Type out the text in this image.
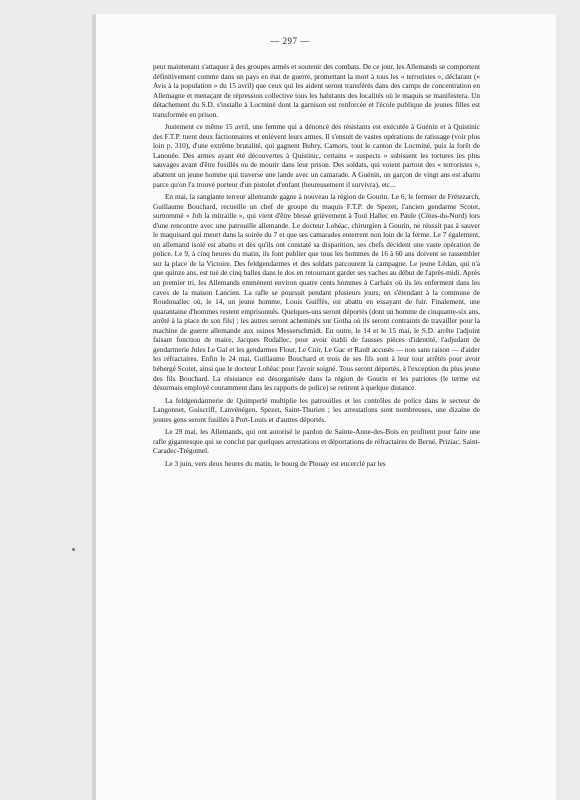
— 297 —

peut maintenant s'attaquer à des groupes armés et soutenir des combats. De ce jour, les Allemands se comportent définitivement comme dans un pays en état de guerre, promettant la mort à tous les « terroristes », déclarant (« Avis à la population » du 15 avril) que ceux qui les aident seront transférés dans des camps de concentration en Allemagne et menaçant de répression collective tous les habitants des localités où le maquis se manifestera. Un détachement du S.D. s'installe à Locminé dont la garnison est renforcée et l'école publique de jeunes filles est transformée en prison.

Justement ce même 15 avril, une femme qui a dénoncé des résistants est exécutée à Guénin et à Quistinic des F.T.P. tuent deux factionnaires et enlèvent leurs armes. Il s'ensuit de vastes opérations de ratissage (voir plus loin p. 310), d'une extrême brutalité, qui gagnent Bubry, Camors, tout le canton de Locminé, puis la forêt de Lanouée. Des armes ayant été découvertes à Quistinic, certains « suspects » subissent les tortures les plus sauvages avant d'être fusillés ou de mourir dans leur prison. Des soldats, qui voient partout des « terroristes », abattent un jeune homme qui traverse une lande avec un camarade. A Guénin, un garçon de vingt ans est abattu parce qu'on l'a trouvé porteur d'un pistolet d'enfant (heureusement il survivra), etc...

En mai, la sanglante terreur allemande gagne à nouveau la région de Gourin. Le 6, le fermier de Frétezarch, Guillaume Bouchard, recueille un chef de groupe du maquis F.T.P. de Spezet, l'ancien gendarme Scotet, surnommé « Job la mitraille », qui vient d'être blessé grièvement à Toul Hallec en Paule (Côtes-du-Nord) lors d'une rencontre avec une patrouille allemande. Le docteur Lohéac, chirurgien à Gourin, ne réussit pas à sauver le maquisard qui meurt dans la soirée du 7 et que ses camarades enterrent non loin de la ferme. Le 7 également, un allemand isolé est abattu et dès qu'ils ont constaté sa disparition, ses chefs décident une vaste opération de police. Le 9, à cinq heures du matin, ils font publier que tous les hommes de 16 à 60 ans doivent se rassembler sur la place de la Victoire. Des feldgendarmes et des soldats parcourent la campagne. Le jeune Lédan, qui n'a que quinze ans, est tué de cinq balles dans le dos en retournant garder ses vaches au début de l'après-midi. Après un premier tri, les Allemands emmènent environ quatre cents hommes à Carhaix où ils les enferment dans les caves de la maison Lancien. La rafle se poursuit pendant plusieurs jours, en s'étendant à la commune de Roudouallec où, le 14, un jeune homme, Louis Guiffès, est abattu en essayant de fuir. Finalement, une quarantaine d'hommes restent emprisonnés. Quelques-uns seront déportés (dont un homme de cinquante-six ans, arrêté à la place de son fils) ; les autres seront acheminés sur Gotha où ils seront contraints de travailler pour la machine de guerre allemande aux usines Messerschmidt. En outre, le 14 et le 15 mai, le S.D. arrête l'adjoint faisant fonction de maire, Jacques Rodallec, pour avoir établi de fausses pièces d'identité, l'adjudant de gendarmerie Jules Le Gal et les gendarmes Flour, Le Cnir, Le Gac et Rault accusés — non sans raison — d'aider les réfractaires. Enfin le 24 mai, Guillaume Bouchard et trois de ses fils sont à leur tour arrêtés pour avoir hébergé Scotet, ainsi que le docteur Lohéac pour l'avoir soigné. Tous seront déportés, à l'exception du plus jeune des fils Bouchard. La résistance est désorganisée dans la région de Gourin et les patriotes (le terme est désormais employé couramment dans les rapports de police) se retirent à quelque distance.

La feldgendarmerie de Quimperlé multiplie les patrouilles et les contrôles de police dans le secteur de Langonnet, Guiscriff, Lanvénégen, Spezet, Saint-Thurien ; les arrestations sont nombreuses, une dizaine de jeunes gens seront fusillés à Port-Louis et d'autres déportés.

Le 29 mai, les Allemands, qui ont autorisé le pardon de Sainte-Anne-des-Bois en profitent pour faire une rafle gigantesque qui se conclut par quelques arrestations et déportations de réfractaires de Berné, Priziac, Saint-Caradec-Trégomel.

Le 3 juin, vers deux heures du matin, le bourg de Plouay est encerclé par les
